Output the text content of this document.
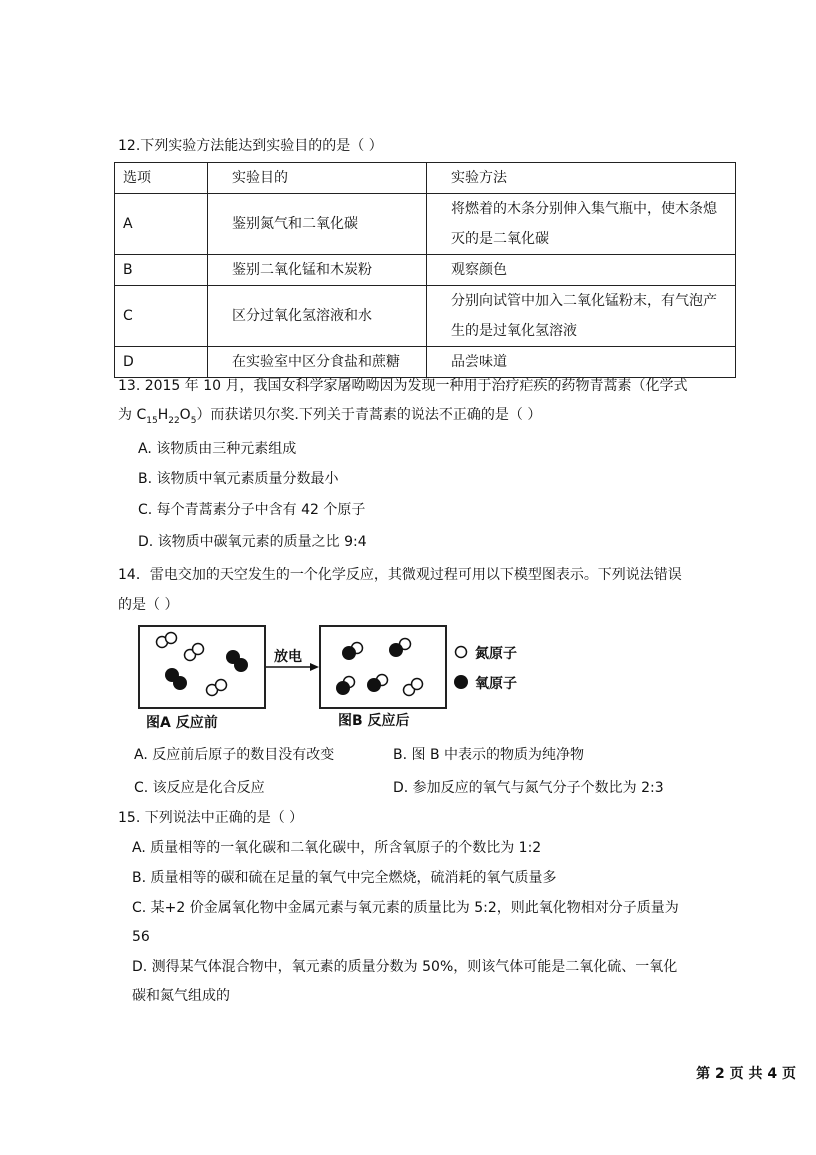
12.下列实验方法能达到实验目的的是（ ）
选项	实验目的	实验方法
A	鉴别氮气和二氧化碳	将燃着的木条分别伸入集气瓶中，使木条熄
灭的是二氧化碳

B	鉴别二氧化锰和木炭粉	观察颜色
C	区分过氧化氢溶液和水	分别向试管中加入二氧化锰粉末，有气泡产
生的是过氧化氢溶液

D	在实验室中区分食盐和蔗糖	品尝味道
13. 2015 年 10 月，我国女科学家屠呦呦因为发现一种用于治疗疟疾的药物青蒿素（化学式
为 $C_{15}H_{22}O_5$）而获诺贝尔奖.下列关于青蒿素的说法不正确的是（ ）
A. 该物质由三种元素组成
B. 该物质中氧元素质量分数最小
C. 每个青蒿素分子中含有 42 个原子
D. 该物质中碳氧元素的质量之比 9:4
14．雷电交加的天空发生的一个化学反应，其微观过程可用以下模型图表示。下列说法错误
的是（ ）
放电	氮原子
氧原子
图A 反应前	图B 反应后
A. 反应前后原子的数目没有改变	B. 图 B 中表示的物质为纯净物
C. 该反应是化合反应	D. 参加反应的氧气与氮气分子个数比为 2:3
15. 下列说法中正确的是（ ）
A. 质量相等的一氧化碳和二氧化碳中，所含氧原子的个数比为 1:2
B. 质量相等的碳和硫在足量的氧气中完全燃烧，硫消耗的氧气质量多
C. 某+2 价金属氧化物中金属元素与氧元素的质量比为 5:2，则此氧化物相对分子质量为
56
D. 测得某气体混合物中，氧元素的质量分数为 50%，则该气体可能是二氧化硫、一氧化
碳和氮气组成的
第 2 页 共 4 页
